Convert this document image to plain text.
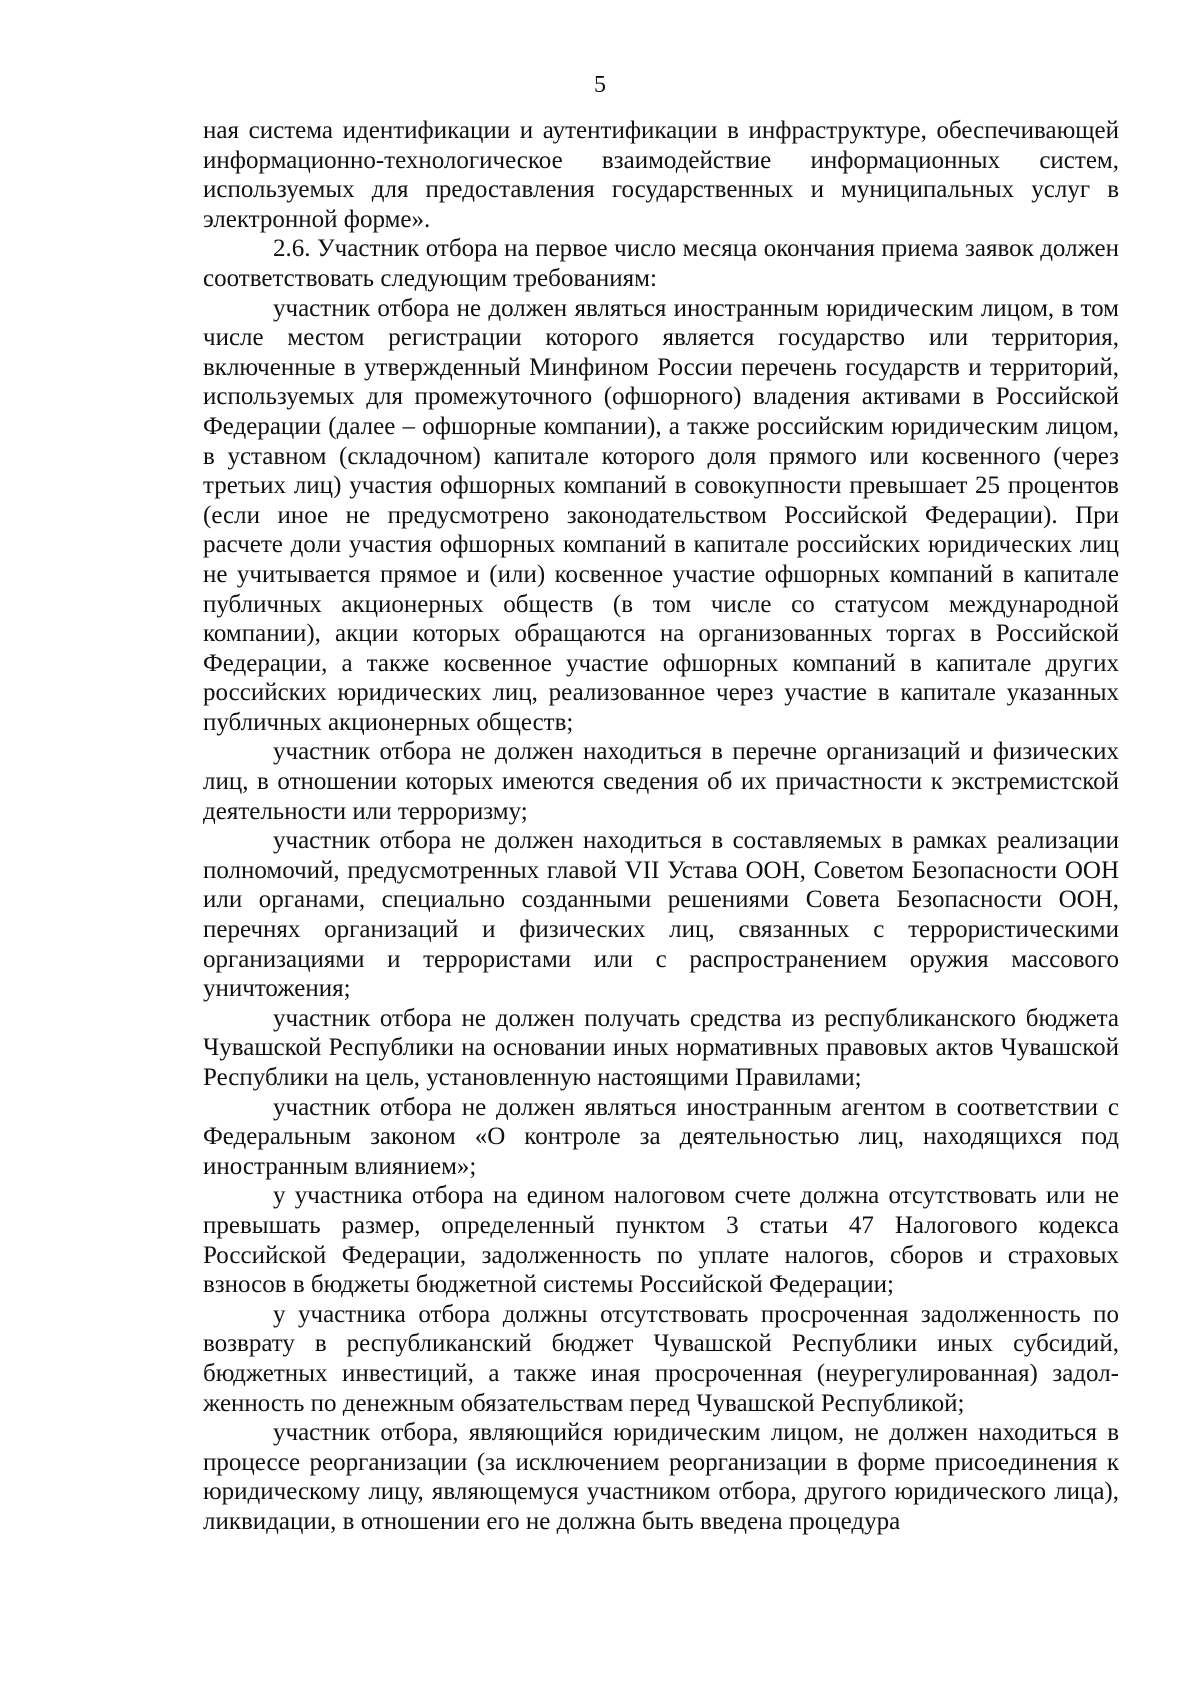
5

ная система идентификации и аутентификации в инфраструктуре, обеспечивающей информационно-технологическое взаимодействие информационных систем, используемых для предоставления государственных и муниципальных услуг в электронной форме».

2.6. Участник отбора на первое число месяца окончания приема заявок должен соответствовать следующим требованиям:

участник отбора не должен являться иностранным юридическим лицом, в том числе местом регистрации которого является государство или территория, включенные в утвержденный Минфином России перечень государств и территорий, используемых для промежуточного (офшорного) владения активами в Российской Федерации (далее – офшорные компании), а также российским юридическим лицом, в уставном (складочном) капитале которого доля прямого или косвенного (через третьих лиц) участия офшорных компаний в совокупности превышает 25 процентов (если иное не предусмотрено законодательством Российской Федерации). При расчете доли участия офшорных компаний в капитале российских юридических лиц не учитывается прямое и (или) косвенное участие офшорных компаний в капитале публичных акционерных обществ (в том числе со статусом международной компании), акции которых обращаются на организованных торгах в Российской Федерации, а также косвенное участие офшорных компаний в капитале других российских юридических лиц, реализованное через участие в капитале указанных публичных акционерных обществ;

участник отбора не должен находиться в перечне организаций и физических лиц, в отношении которых имеются сведения об их причастности к экстремистской деятельности или терроризму;

участник отбора не должен находиться в составляемых в рамках реализации полномочий, предусмотренных главой VII Устава ООН, Советом Безопасности ООН или органами, специально созданными решениями Совета Безопасности ООН, перечнях организаций и физических лиц, связанных с террористическими организациями и террористами или с распространением оружия массового уничтожения;

участник отбора не должен получать средства из республиканского бюджета Чувашской Республики на основании иных нормативных правовых актов Чувашской Республики на цель, установленную настоящими Правилами;

участник отбора не должен являться иностранным агентом в соответствии с Федеральным законом «О контроле за деятельностью лиц, находящихся под иностранным влиянием»;

у участника отбора на едином налоговом счете должна отсутствовать или не превышать размер, определенный пунктом 3 статьи 47 Налогового кодекса Российской Федерации, задолженность по уплате налогов, сборов и страховых взносов в бюджеты бюджетной системы Российской Федерации;

у участника отбора должны отсутствовать просроченная задолженность по возврату в республиканский бюджет Чувашской Республики иных субсидий, бюджетных инвестиций, а также иная просроченная (неурегулированная) задолженность по денежным обязательствам перед Чувашской Республикой;

участник отбора, являющийся юридическим лицом, не должен находиться в процессе реорганизации (за исключением реорганизации в форме присоединения к юридическому лицу, являющемуся участником отбора, другого юридического лица), ликвидации, в отношении его не должна быть введена процедура
